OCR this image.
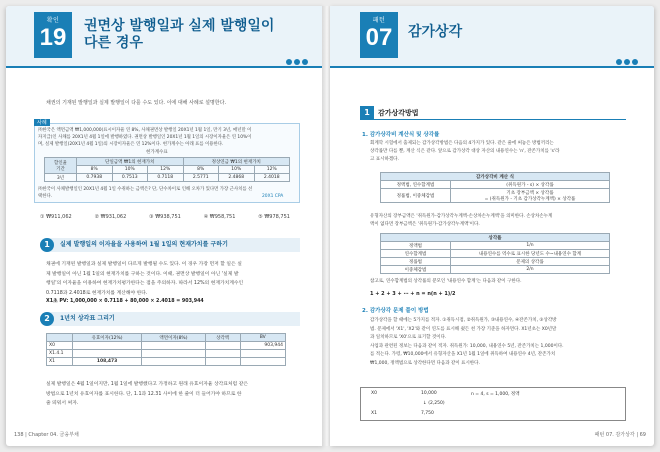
확인
19	권면상 발행일과 실제 발행일이
다른 경우
채권의 기재된 발행일과 실제 발행일이 다를 수도 있다. 이에 대해 사례로 설명한다.
사례
㈜한국은 액면금액 ₩1,000,000(표시이자율 연 8%, 사채권면상 발행일 20X1년 1월 1일, 만기 3년, 매년말 이
자지급)인 사채를 20X1년 4월 1일에 발행하였다. 권면상 발행일인 20X1년 1월 1일의 시장이자율은 연 10%이
며, 실제 발행일(20X1년 4월 1일)의 시장이자율은 연 12%이다. 현가계수는 아래 표를 이용한다.
현가계수표
할인율
기간	단일금액 ₩1의 현재가치			정상연금 ₩1의 현재가치		
	8%	10%	12%	8%	10%	12%
3년	0.7938	0.7513	0.7118	2.5771	2.4868	2.4018
㈜한국이 사채발행일인 20X1년 4월 1일 수취하는 금액은? 단, 단수차이로 인해 오차가 있다면 가장 근사치를 선
택한다.	20X1 CPA
① ₩911,062	② ₩931,062	③ ₩938,751	④ ₩958,751	⑤ ₩978,751
1	실제 발행일의 이자율을 사용하여 1월 1일의 현재가치를 구하기
채권에 기재된 발행일과 실제 발행일이 다르게 발행될 수도 있다. 이 경우 가장 먼저 할 일은 실
제 발행일이 아닌 1월 1일의 현재가치를 구하는 것이다. 이때, 권면상 발행일이 아닌 '실제 발
행일'의 이자율을 이용하여 현재가치평가한다는 점을 주의하자. 따라서 12%의 현재가치계수인
0.7118과 2.4018로 현재가치를 계산해야 한다.
X1초 PV: 1,000,000 × 0.7118 + 80,000 × 2.4018 = 903,944
2	1년치 상각표 그리기
	유효이자(12%)	액면이자(8%)	상각액	BV
X0				903,944
X1.4.1				
X1	108,473			
실제 발행일은 4월 1일이지만, 1월 1일에 발행했다고 가정하고 원래 유효이자율 상각표처럼 같은
방법으로 1년치 유효이자를 표시한다. 단, 1.1과 12.31 사이에 한 줄이 더 들어가야 하므로 한
줄 띄워서 써자.
138 | Chapter 04. 금융부채
패턴
07	감가상각
1	감가상각방법
1. 감가상각비 계산식 및 상각률
회계학 시험에서 출제되는 감가상각방법은 다음의 4가지가 있다. 같은 줄에 써놓은 방법끼리는
상각률만 다를 뿐, 계산 식은 같다. 앞으로 감가상각 대상 자산의 내용연수는 'n', 잔존가치를 's'라
고 표시하겠다.
감가상각비 계산 식	
정액법, 연수합계법	(취득원가 - s) × 상각률
정률법, 이중체감법	기초 장부금액 × 상각률
= (취득원가 - 기초 감가상각누계액) × 상각률
유형자산의 장부금액은 '취득원가-감가상각누계액-손상차손누계액'을 의미한다. 손상차손누계
액이 없다면 장부금액은 '취득원가-감가상각누계액'이다.
상각률	
정액법	1/n
연수합계법	내용연수를 역수로 표시한 당년도 수~내용연수 합계
정률법	문제의 상각률
이중체감법	2/n
참고로, 연수합계법의 상각률의 분모인 '내용연수 합계'는 다음과 같이 구한다.
1 + 2 + 3 + ⋯ + n = n(n + 1)/2
2. 감가상각 문제 풀이 방법
감가상각을 할 때에는 5가지를 적자. ①취득시점, ②취득원가, ③내용연수, ④잔존가치, ⑤상각방
법. 문제에서 'X1', 'X2'와 같이 연도를 표시해 줬든 천 가장 기준을 하자면다. X1년초는 X0년말
과 일치하므로 'X0'으로 표기할 것이다.
사업과 관련된 정보는 다음과 같이 적자. 취득원가: 10,000, 내용연수 5년, 잔존가치는 1,000이다.
를 적는다. 가령, ₩10,000에서 유형자산을 X1년 1월 1일에 취득하여 내용연수 4년, 잔존가치
₩1,000, 정액법으로 상각한다면 다음과 같이 표시한다.
X0	10,000	n = 4, s = 1,000, 정액
↓ (2,250)
X1	7,750
패턴 07. 감가상각 | 69
